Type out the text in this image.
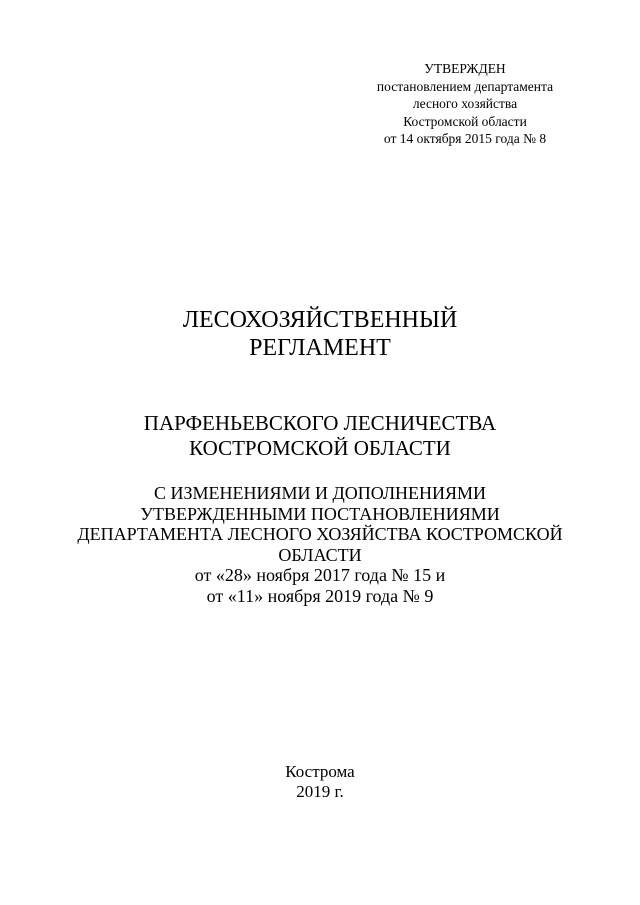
УТВЕРЖДЕН
постановлением департамента
лесного хозяйства
Костромской области
от 14 октября 2015 года № 8
ЛЕСОХОЗЯЙСТВЕННЫЙ
РЕГЛАМЕНТ
ПАРФЕНЬЕВСКОГО ЛЕСНИЧЕСТВА
КОСТРОМСКОЙ ОБЛАСТИ
С ИЗМЕНЕНИЯМИ И ДОПОЛНЕНИЯМИ
УТВЕРЖДЕННЫМИ ПОСТАНОВЛЕНИЯМИ
ДЕПАРТАМЕНТА ЛЕСНОГО ХОЗЯЙСТВА КОСТРОМСКОЙ
ОБЛАСТИ
от «28» ноября 2017 года № 15 и
от «11» ноября 2019 года № 9
Кострома
2019 г.
